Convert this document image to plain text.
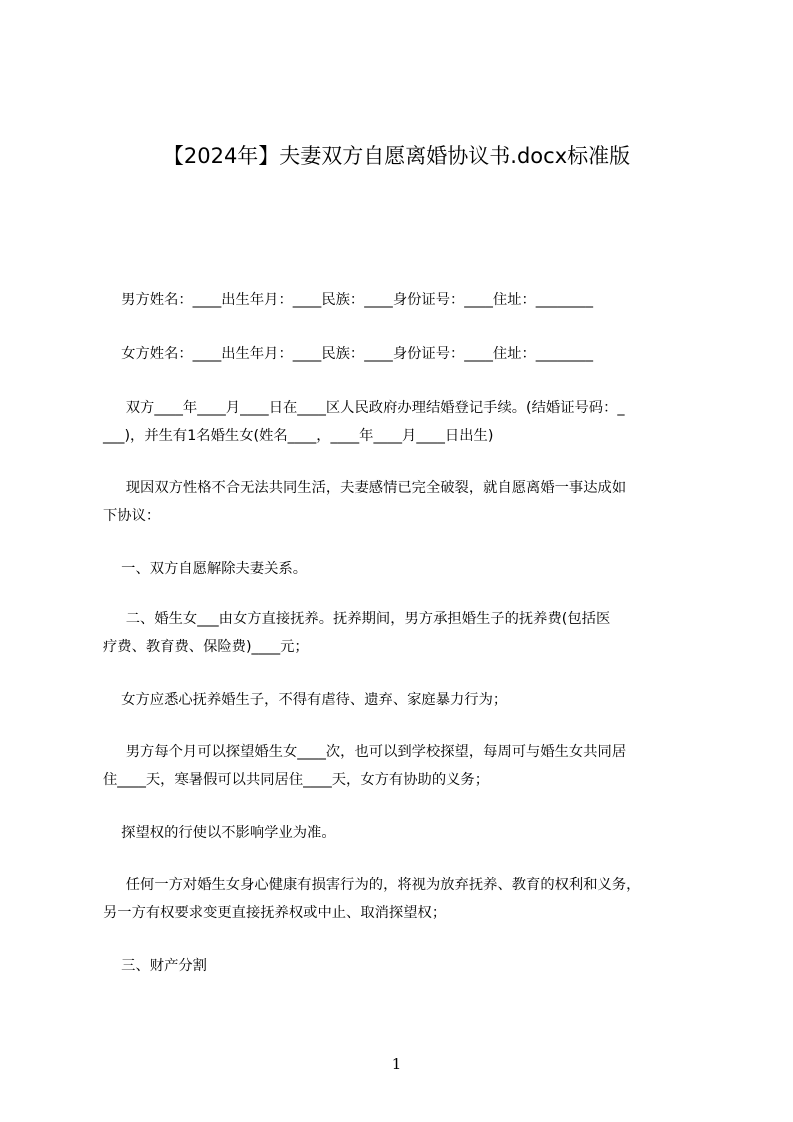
【2024年】夫妻双方自愿离婚协议书.docx标准版
男方姓名：____出生年月：____民族：____身份证号：____住址：________
女方姓名：____出生年月：____民族：____身份证号：____住址：________
双方____年____月____日在____区人民政府办理结婚登记手续。(结婚证号码：_
___)，并生有1名婚生女(姓名____，____年____月____日出生)
现因双方性格不合无法共同生活，夫妻感情已完全破裂，就自愿离婚一事达成如
下协议：
一、双方自愿解除夫妻关系。
二、婚生女___由女方直接抚养。抚养期间，男方承担婚生子的抚养费(包括医
疗费、教育费、保险费)____元；
女方应悉心抚养婚生子，不得有虐待、遗弃、家庭暴力行为；
男方每个月可以探望婚生女____次，也可以到学校探望，每周可与婚生女共同居
住____天，寒暑假可以共同居住____天，女方有协助的义务；
探望权的行使以不影响学业为准。
任何一方对婚生女身心健康有损害行为的，将视为放弃抚养、教育的权利和义务，
另一方有权要求变更直接抚养权或中止、取消探望权；
三、财产分割
1
